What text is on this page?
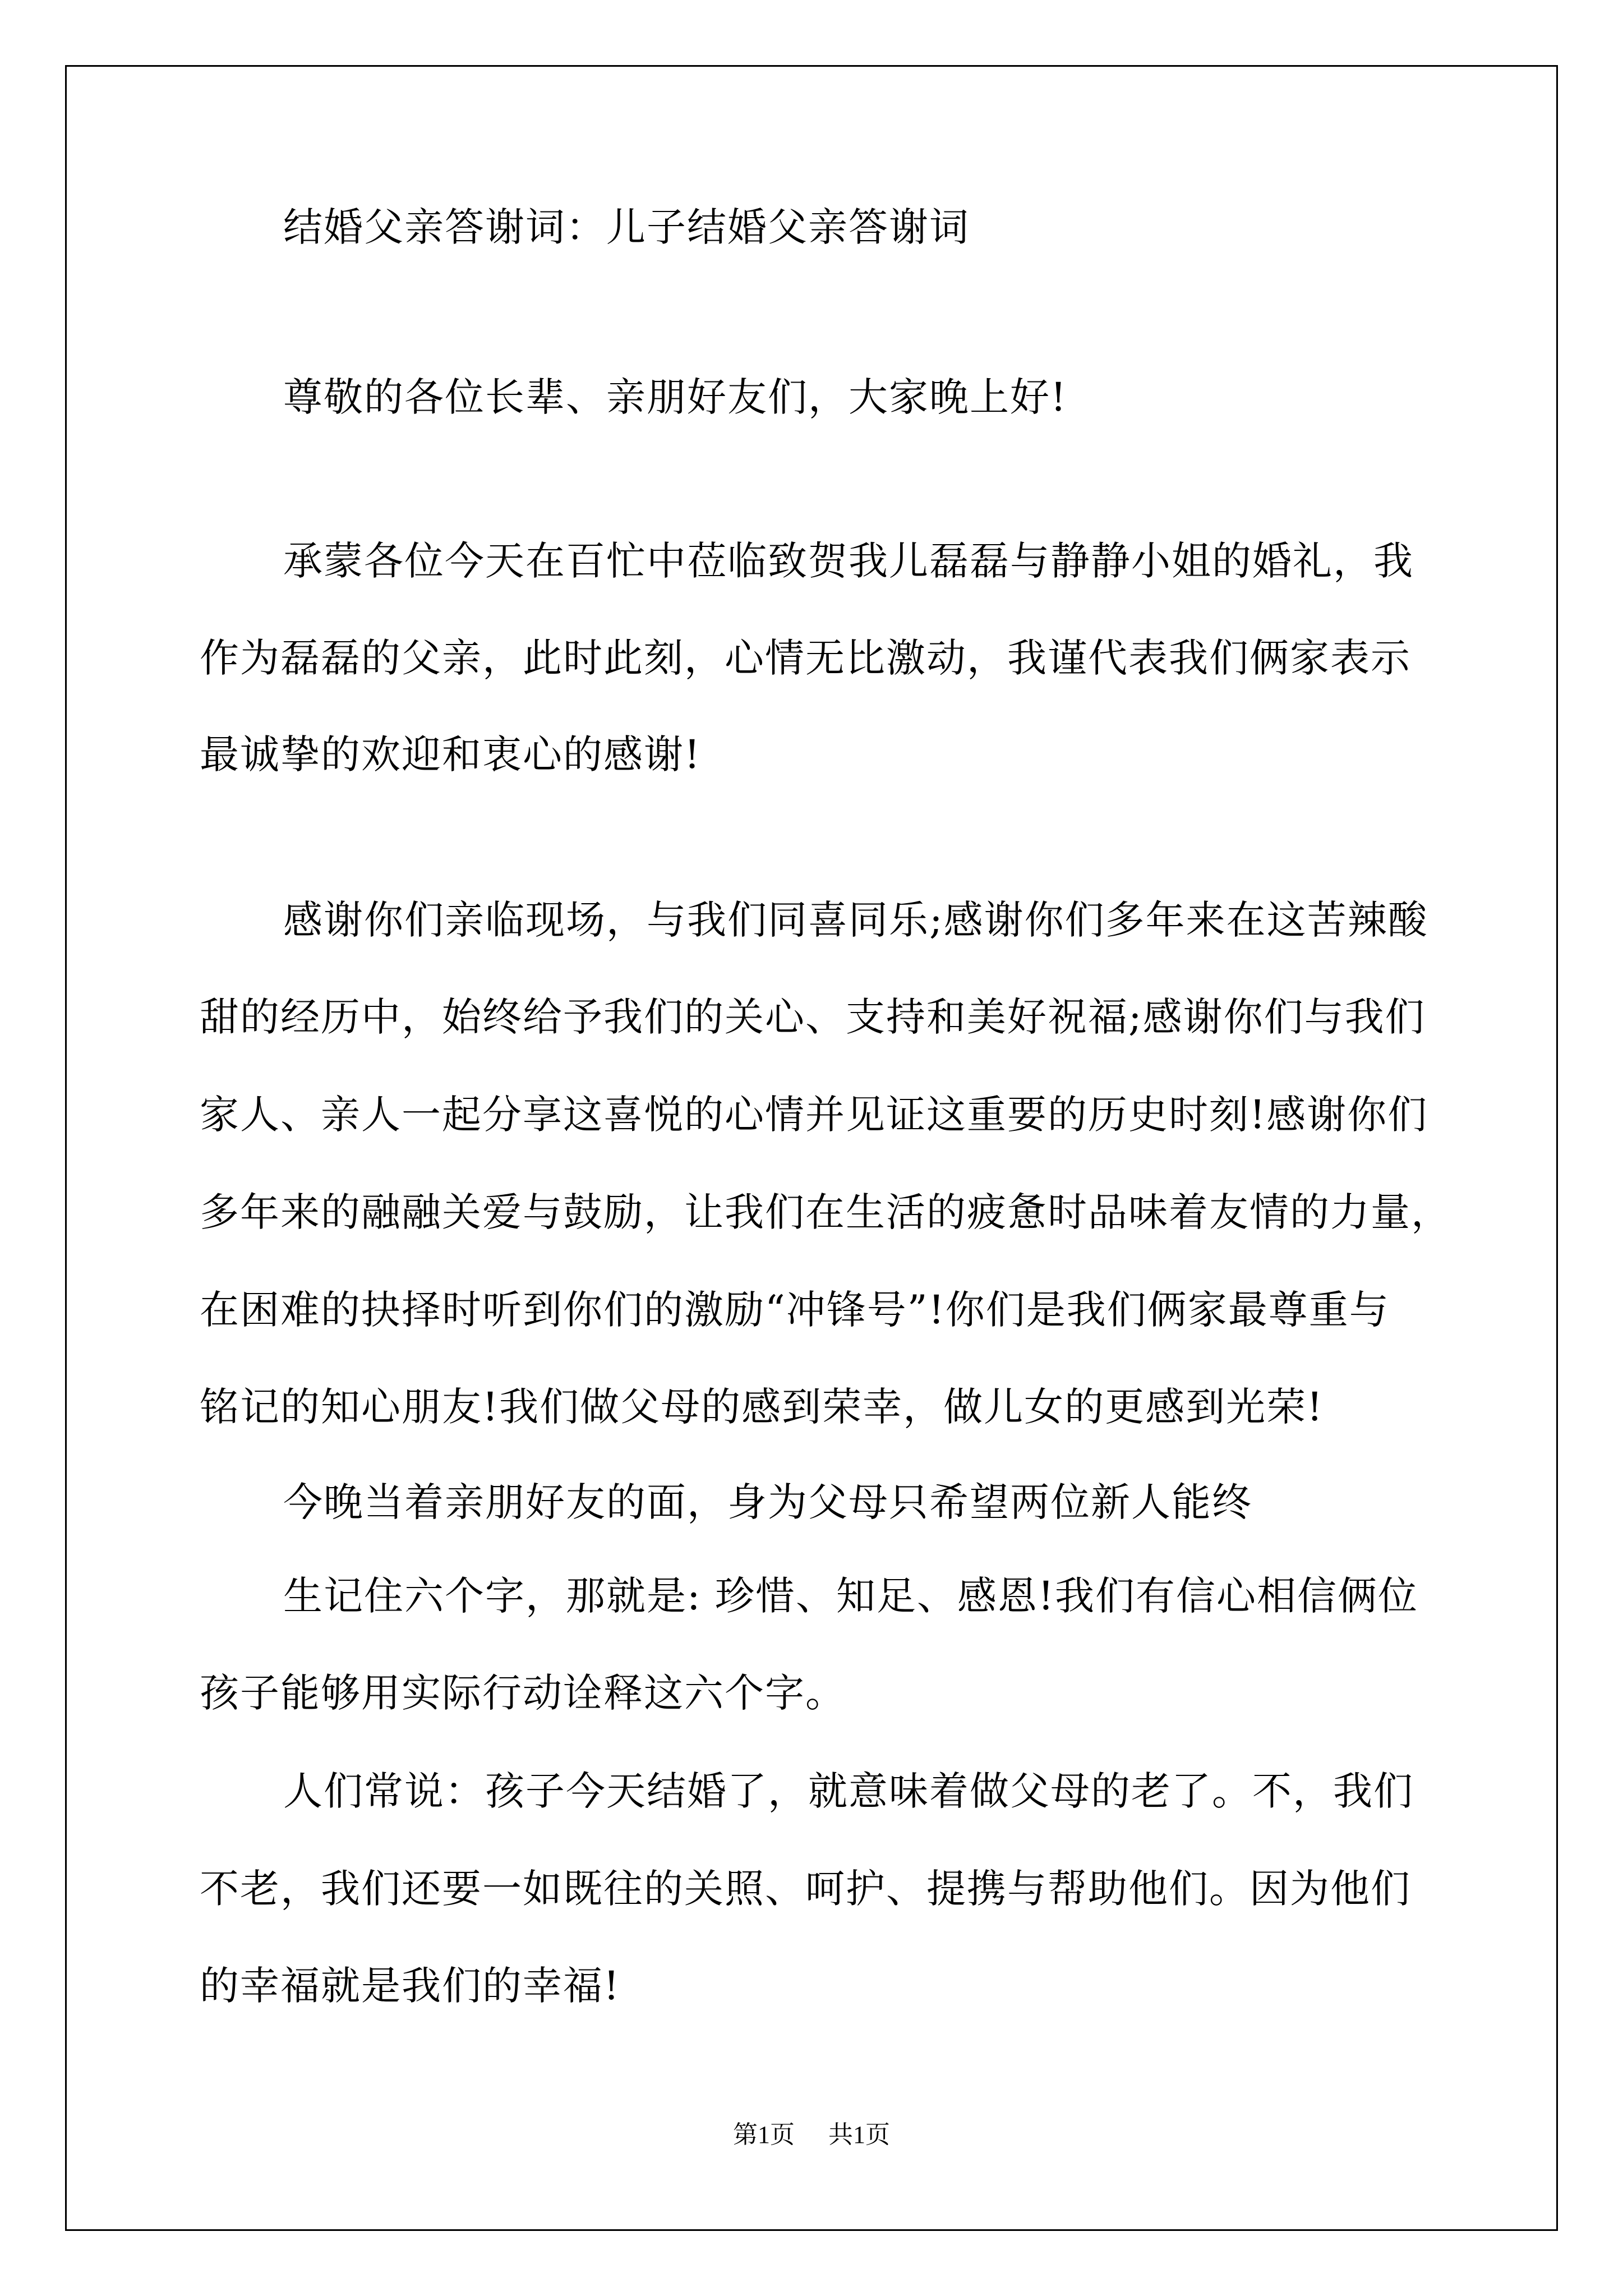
结婚父亲答谢词：儿子结婚父亲答谢词

尊敬的各位长辈、亲朋好友们，大家晚上好!

承蒙各位今天在百忙中莅临致贺我儿磊磊与静静小姐的婚礼，我

作为磊磊的父亲，此时此刻，心情无比激动，我谨代表我们俩家表示

最诚挚的欢迎和衷心的感谢!

感谢你们亲临现场，与我们同喜同乐;感谢你们多年来在这苦辣酸

甜的经历中，始终给予我们的关心、支持和美好祝福;感谢你们与我们

家人、亲人一起分享这喜悦的心情并见证这重要的历史时刻!感谢你们

多年来的融融关爱与鼓励，让我们在生活的疲惫时品味着友情的力量，

在困难的抉择时听到你们的激励“冲锋号”!你们是我们俩家最尊重与

铭记的知心朋友!我们做父母的感到荣幸，做儿女的更感到光荣!

今晚当着亲朋好友的面，身为父母只希望两位新人能终

生记住六个字，那就是: 珍惜、知足、感恩!我们有信心相信俩位

孩子能够用实际行动诠释这六个字。

人们常说：孩子今天结婚了，就意味着做父母的老了。不，我们

不老，我们还要一如既往的关照、呵护、提携与帮助他们。因为他们

的幸福就是我们的幸福!

第1页 共1页
